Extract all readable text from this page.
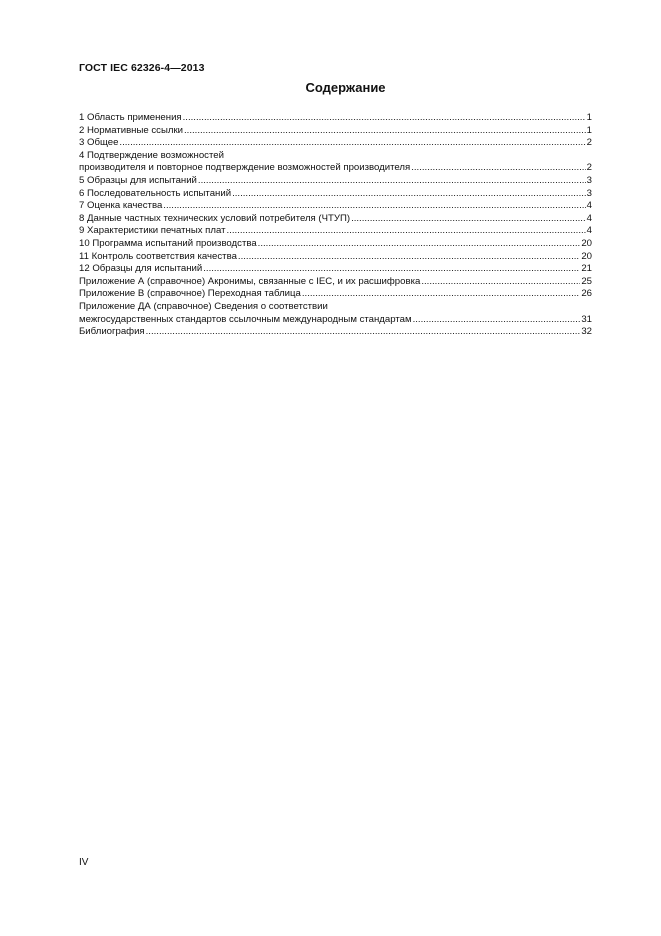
ГОСТ IEC 62326-4—2013
Содержание
1 Область применения .....	1
2 Нормативные ссылки .....	1
3 Общее .....	2
4 Подтверждение возможностей
производителя и повторное подтверждение возможностей производителя .....	2
5 Образцы для испытаний .....	3
6 Последовательность испытаний .....	3
7 Оценка качества .....	4
8 Данные частных технических условий потребителя (ЧТУП) .....	4
9 Характеристики печатных плат .....	4
10 Программа испытаний производства .....	20
11 Контроль соответствия качества .....	20
12 Образцы для испытаний .....	21
Приложение А (справочное) Акронимы, связанные с IEC, и их расшифровка .....	25
Приложение В (справочное) Переходная таблица .....	26
Приложение ДА (справочное) Сведения о соответствии
межгосударственных стандартов ссылочным международным стандартам .....	31
Библиография .....	32
IV
